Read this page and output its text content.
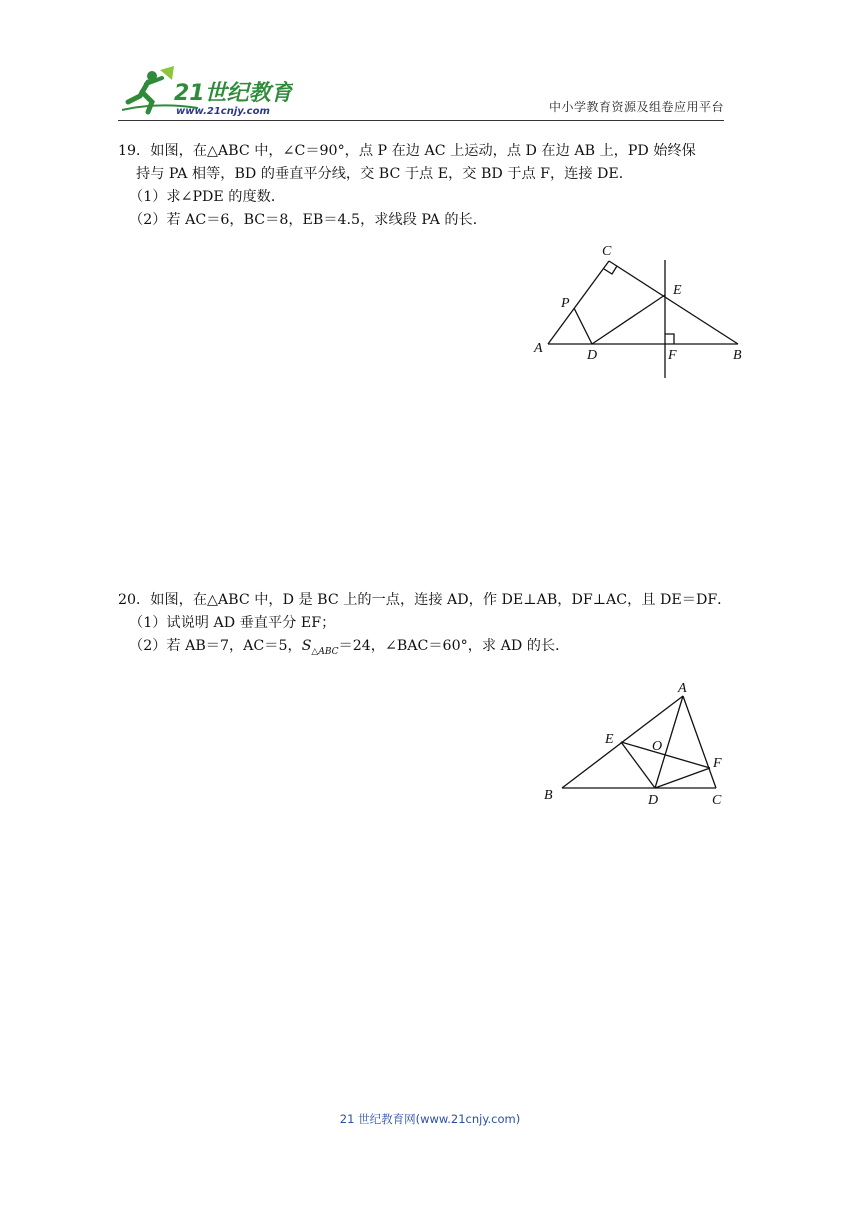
21世纪教育
www.21cnjy.com	中小学教育资源及组卷应用平台
19．如图，在△ABC 中，∠C＝90°，点 P 在边 AC 上运动，点 D 在边 AB 上，PD 始终保
持与 PA 相等，BD 的垂直平分线，交 BC 于点 E，交 BD 于点 F，连接 DE．
（1）求∠PDE 的度数．
（2）若 AC＝6，BC＝8，EB＝4.5，求线段 PA 的长．
C
E
P
A	D	F	B
20．如图，在△ABC 中，D 是 BC 上的一点，连接 AD，作 DE⊥AB，DF⊥AC，且 DE＝DF．
（1）试说明 AD 垂直平分 EF；
（2）若 AB＝7，AC＝5，$S_{\triangle ABC}=24$，∠BAC＝60°，求 AD 的长．
A
E	O
F
B	D	C
21 世纪教育网(www.21cnjy.com)
